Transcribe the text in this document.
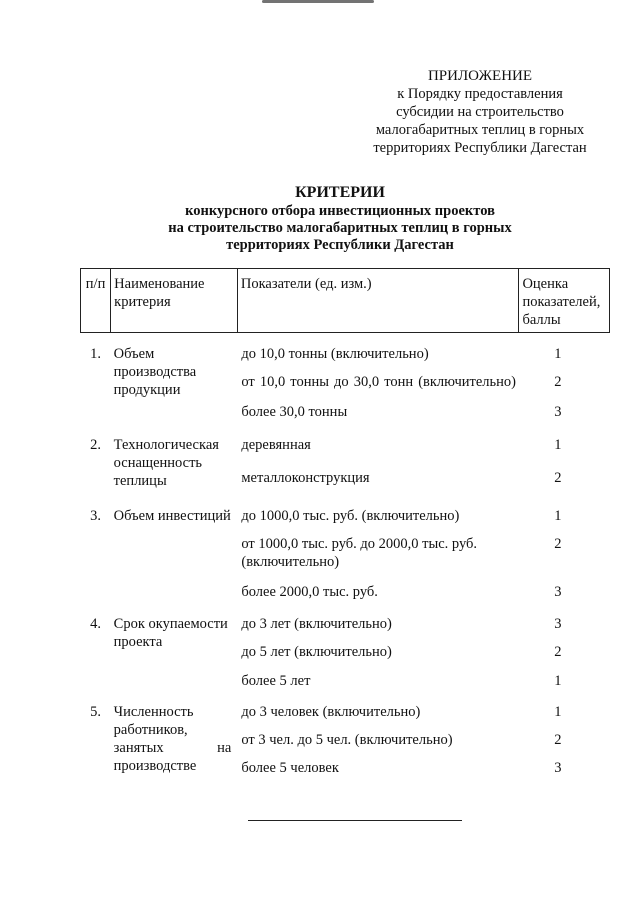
ПРИЛОЖЕНИЕ
к Порядку предоставления
субсидии на строительство
малогабаритных теплиц в горных
территориях Республики Дагестан
КРИТЕРИИ
конкурсного отбора инвестиционных проектов
на строительство малогабаритных теплиц в горных
территориях Республики Дагестан
п/п	Наименование критерия	Показатели (ед. изм.)	Оценка показателей, баллы
1.	Объем производства продукции	до 10,0 тонны (включительно)	1
		от 10,0 тонны до 30,0 тонн (включительно)	2
		более 30,0 тонны	3
2.	Технологическая оснащенность теплицы	деревянная	1
		металлоконструкция	2
3.	Объем инвестиций	до 1000,0 тыс. руб. (включительно)	1
		от 1000,0 тыс. руб. до 2000,0 тыс. руб. (включительно)	2
		более 2000,0 тыс. руб.	3
4.	Срок окупаемости проекта	до 3 лет (включительно)	3
		до 5 лет (включительно)	2
		более 5 лет	1
5.	Численность работников, занятых на производстве	до 3 человек (включительно)	1
		от 3 чел. до 5 чел. (включительно)	2
		более 5 человек	3
